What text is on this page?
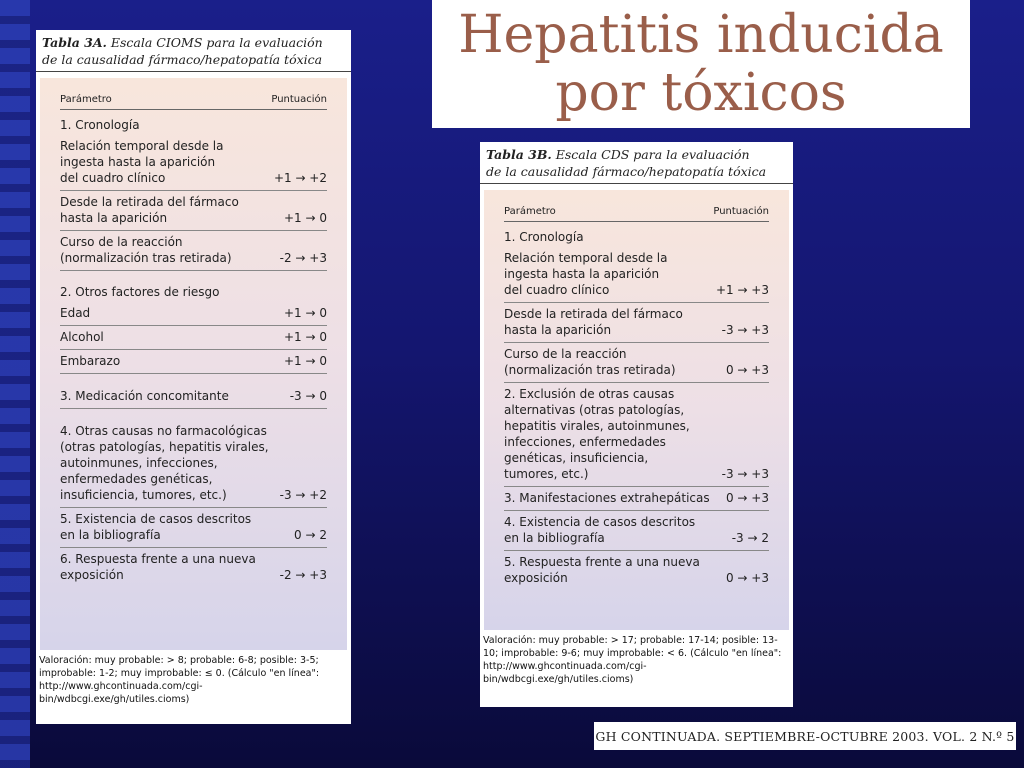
Hepatitis inducida
por tóxicos
Tabla 3A. Escala CIOMS para la evaluación
de la causalidad fármaco/hepatopatía tóxica
Parámetro	Puntuación
1. Cronología
Relación temporal desde la
ingesta hasta la aparición
del cuadro clínico	+1 → +2
Desde la retirada del fármaco
hasta la aparición	+1 → 0
Curso de la reacción
(normalización tras retirada)	-2 → +3
2. Otros factores de riesgo
Edad	+1 → 0
Alcohol	+1 → 0
Embarazo	+1 → 0
3. Medicación concomitante	-3 → 0
4. Otras causas no farmacológicas
(otras patologías, hepatitis virales,
autoinmunes, infecciones,
enfermedades genéticas,
insuficiencia, tumores, etc.)	-3 → +2
5. Existencia de casos descritos
en la bibliografía	0 → 2
6. Respuesta frente a una nueva
exposición	-2 → +3
Valoración: muy probable: > 8; probable: 6-8; posible: 3-5; improbable: 1-2; muy improbable: ≤ 0. (Cálculo "en línea": http://www.ghcontinuada.com/cgi-bin/wdbcgi.exe/gh/utiles.cioms)
Tabla 3B. Escala CDS para la evaluación
de la causalidad fármaco/hepatopatía tóxica
Parámetro	Puntuación
1. Cronología
Relación temporal desde la
ingesta hasta la aparición
del cuadro clínico	+1 → +3
Desde la retirada del fármaco
hasta la aparición	-3 → +3
Curso de la reacción
(normalización tras retirada)	0 → +3
2. Exclusión de otras causas
alternativas (otras patologías,
hepatitis virales, autoinmunes,
infecciones, enfermedades
genéticas, insuficiencia,
tumores, etc.)	-3 → +3
3. Manifestaciones extrahepáticas	0 → +3
4. Existencia de casos descritos
en la bibliografía	-3 → 2
5. Respuesta frente a una nueva
exposición	0 → +3
Valoración: muy probable: > 17; probable: 17-14; posible: 13-10; improbable: 9-6; muy improbable: < 6. (Cálculo "en línea": http://www.ghcontinuada.com/cgi-bin/wdbcgi.exe/gh/utiles.cioms)
GH CONTINUADA. SEPTIEMBRE-OCTUBRE 2003. VOL. 2 N.º 5
